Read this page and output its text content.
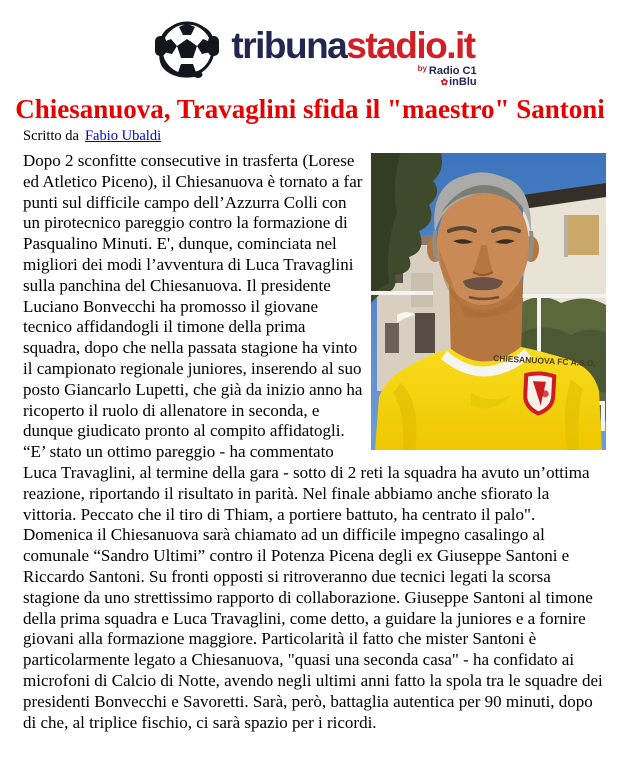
tribunastadio.it
$^{by}$ Radio C1
✿inBlu
Chiesanuova, Travaglini sfida il "maestro" Santoni
Scritto da Fabio Ubaldi
CHIESANUOVA FC A.S.D.

Dopo 2 sconfitte consecutive in trasferta (Lorese ed Atletico Piceno), il Chiesanuova è tornato a far punti sul difficile campo dell’Azzurra Colli con un pirotecnico pareggio contro la formazione di Pasqualino Minuti. E', dunque, cominciata nel migliori dei modi l’avventura di Luca Travaglini sulla panchina del Chiesanuova. Il presidente Luciano Bonvecchi ha promosso il giovane tecnico affidandogli il timone della prima squadra, dopo che nella passata stagione ha vinto il campionato regionale juniores, inserendo al suo posto Giancarlo Lupetti, che già da inizio anno ha ricoperto il ruolo di allenatore in seconda, e dunque giudicato pronto al compito affidatogli.

“E’ stato un ottimo pareggio - ha commentato Luca Travaglini, al termine della gara - sotto di 2 reti la squadra ha avuto un’ottima reazione, riportando il risultato in parità. Nel finale abbiamo anche sfiorato la vittoria. Peccato che il tiro di Thiam, a portiere battuto, ha centrato il palo".

Domenica il Chiesanuova sarà chiamato ad un difficile impegno casalingo al comunale “Sandro Ultimi” contro il Potenza Picena degli ex Giuseppe Santoni e Riccardo Santoni. Su fronti opposti si ritroveranno due tecnici legati la scorsa stagione da uno strettissimo rapporto di collaborazione. Giuseppe Santoni al timone della prima squadra e Luca Travaglini, come detto, a guidare la juniores e a fornire giovani alla formazione maggiore. Particolarità il fatto che mister Santoni è particolarmente legato a Chiesanuova, "quasi una seconda casa" - ha confidato ai microfoni di Calcio di Notte, avendo negli ultimi anni fatto la spola tra le squadre dei presidenti Bonvecchi e Savoretti. Sarà, però, battaglia autentica per 90 minuti, dopo di che, al triplice fischio, ci sarà spazio per i ricordi.
